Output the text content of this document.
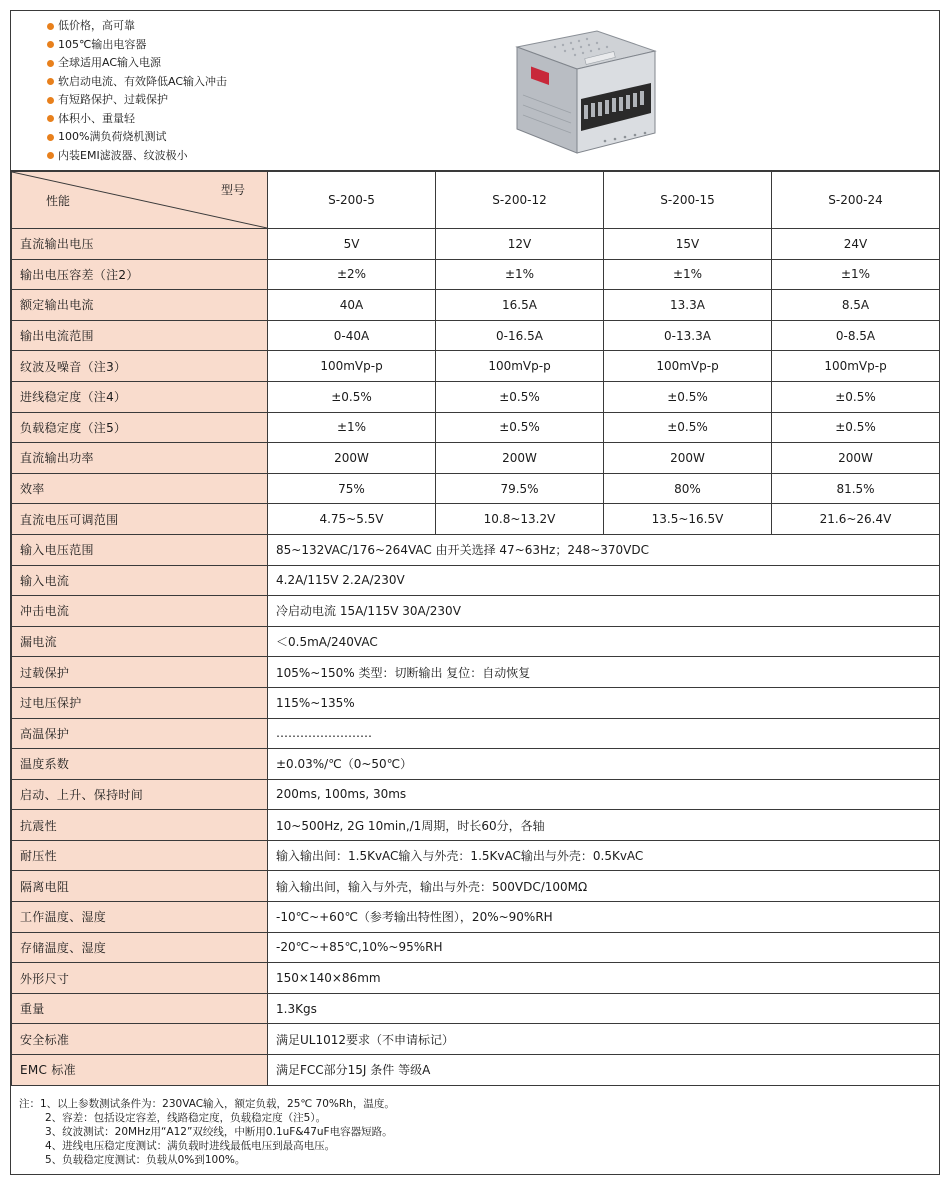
低价格，高可靠
105℃输出电容器
全球适用AC输入电源
软启动电流、有效降低AC输入冲击
有短路保护、过载保护
体积小、重量轻
100%满负荷烧机测试
内装EMI滤波器、纹波极小
型号
性能	S-200-5	S-200-12	S-200-15	S-200-24
直流输出电压	5V	12V	15V	24V
输出电压容差（注2）	±2%	±1%	±1%	±1%
额定输出电流	40A	16.5A	13.3A	8.5A
输出电流范围	0-40A	0-16.5A	0-13.3A	0-8.5A
纹波及噪音（注3）	100mVp-p	100mVp-p	100mVp-p	100mVp-p
进线稳定度（注4）	±0.5%	±0.5%	±0.5%	±0.5%
负载稳定度（注5）	±1%	±0.5%	±0.5%	±0.5%
直流输出功率	200W	200W	200W	200W
效率	75%	79.5%	80%	81.5%
直流电压可调范围	4.75~5.5V	10.8~13.2V	13.5~16.5V	21.6~26.4V
输入电压范围	85~132VAC/176~264VAC 由开关选择 47~63Hz；248~370VDC			
输入电流	4.2A/115V 2.2A/230V			
冲击电流	冷启动电流 15A/115V 30A/230V			
漏电流	＜0.5mA/240VAC			
过载保护	105%~150% 类型：切断输出 复位：自动恢复			
过电压保护	115%~135%			
高温保护	……………………			
温度系数	±0.03%/℃（0~50℃）			
启动、上升、保持时间	200ms, 100ms, 30ms			
抗震性	10~500Hz, 2G 10min,/1周期，时长60分，各轴			
耐压性	输入输出间：1.5KvAC输入与外壳：1.5KvAC输出与外壳：0.5KvAC			
隔离电阻	输入输出间，输入与外壳，输出与外壳：500VDC/100MΩ			
工作温度、湿度	-10℃~+60℃（参考输出特性图），20%~90%RH			
存储温度、湿度	-20℃~+85℃,10%~95%RH			
外形尺寸	150×140×86mm			
重量	1.3Kgs			
安全标准	满足UL1012要求（不申请标记）			
EMC 标准	满足FCC部分15J 条件 等级A			
注：1、以上参数测试条件为：230VAC输入，额定负载，25℃ 70%Rh，温度。
2、容差：包括设定容差，线路稳定度，负载稳定度（注5）。
3、纹波测试：20MHz用“A12”双绞线，中断用0.1uF&47uF电容器短路。
4、进线电压稳定度测试：满负载时进线最低电压到最高电压。
5、负载稳定度测试：负载从0%到100%。
